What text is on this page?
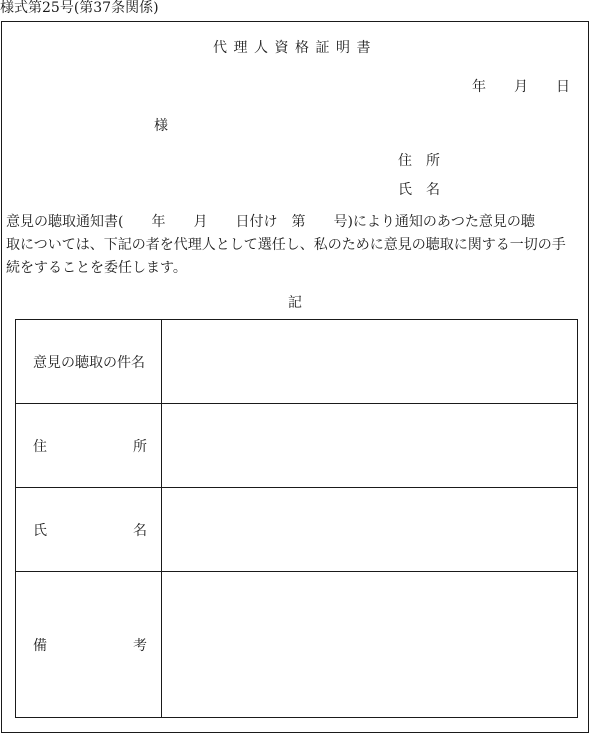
様式第25号(第37条関係)
代理人資格証明書
年　　月　　日
様
住　所
氏　名
意見の聴取通知書(　　年　　月　　日付け　第　　号)により通知のあつた意見の聴
取については、下記の者を代理人として選任し、私のために意見の聴取に関する一切の手
続をすることを委任します。
記
意見の聴取の件名	

住　　所	

氏　　名	

備　　考	
